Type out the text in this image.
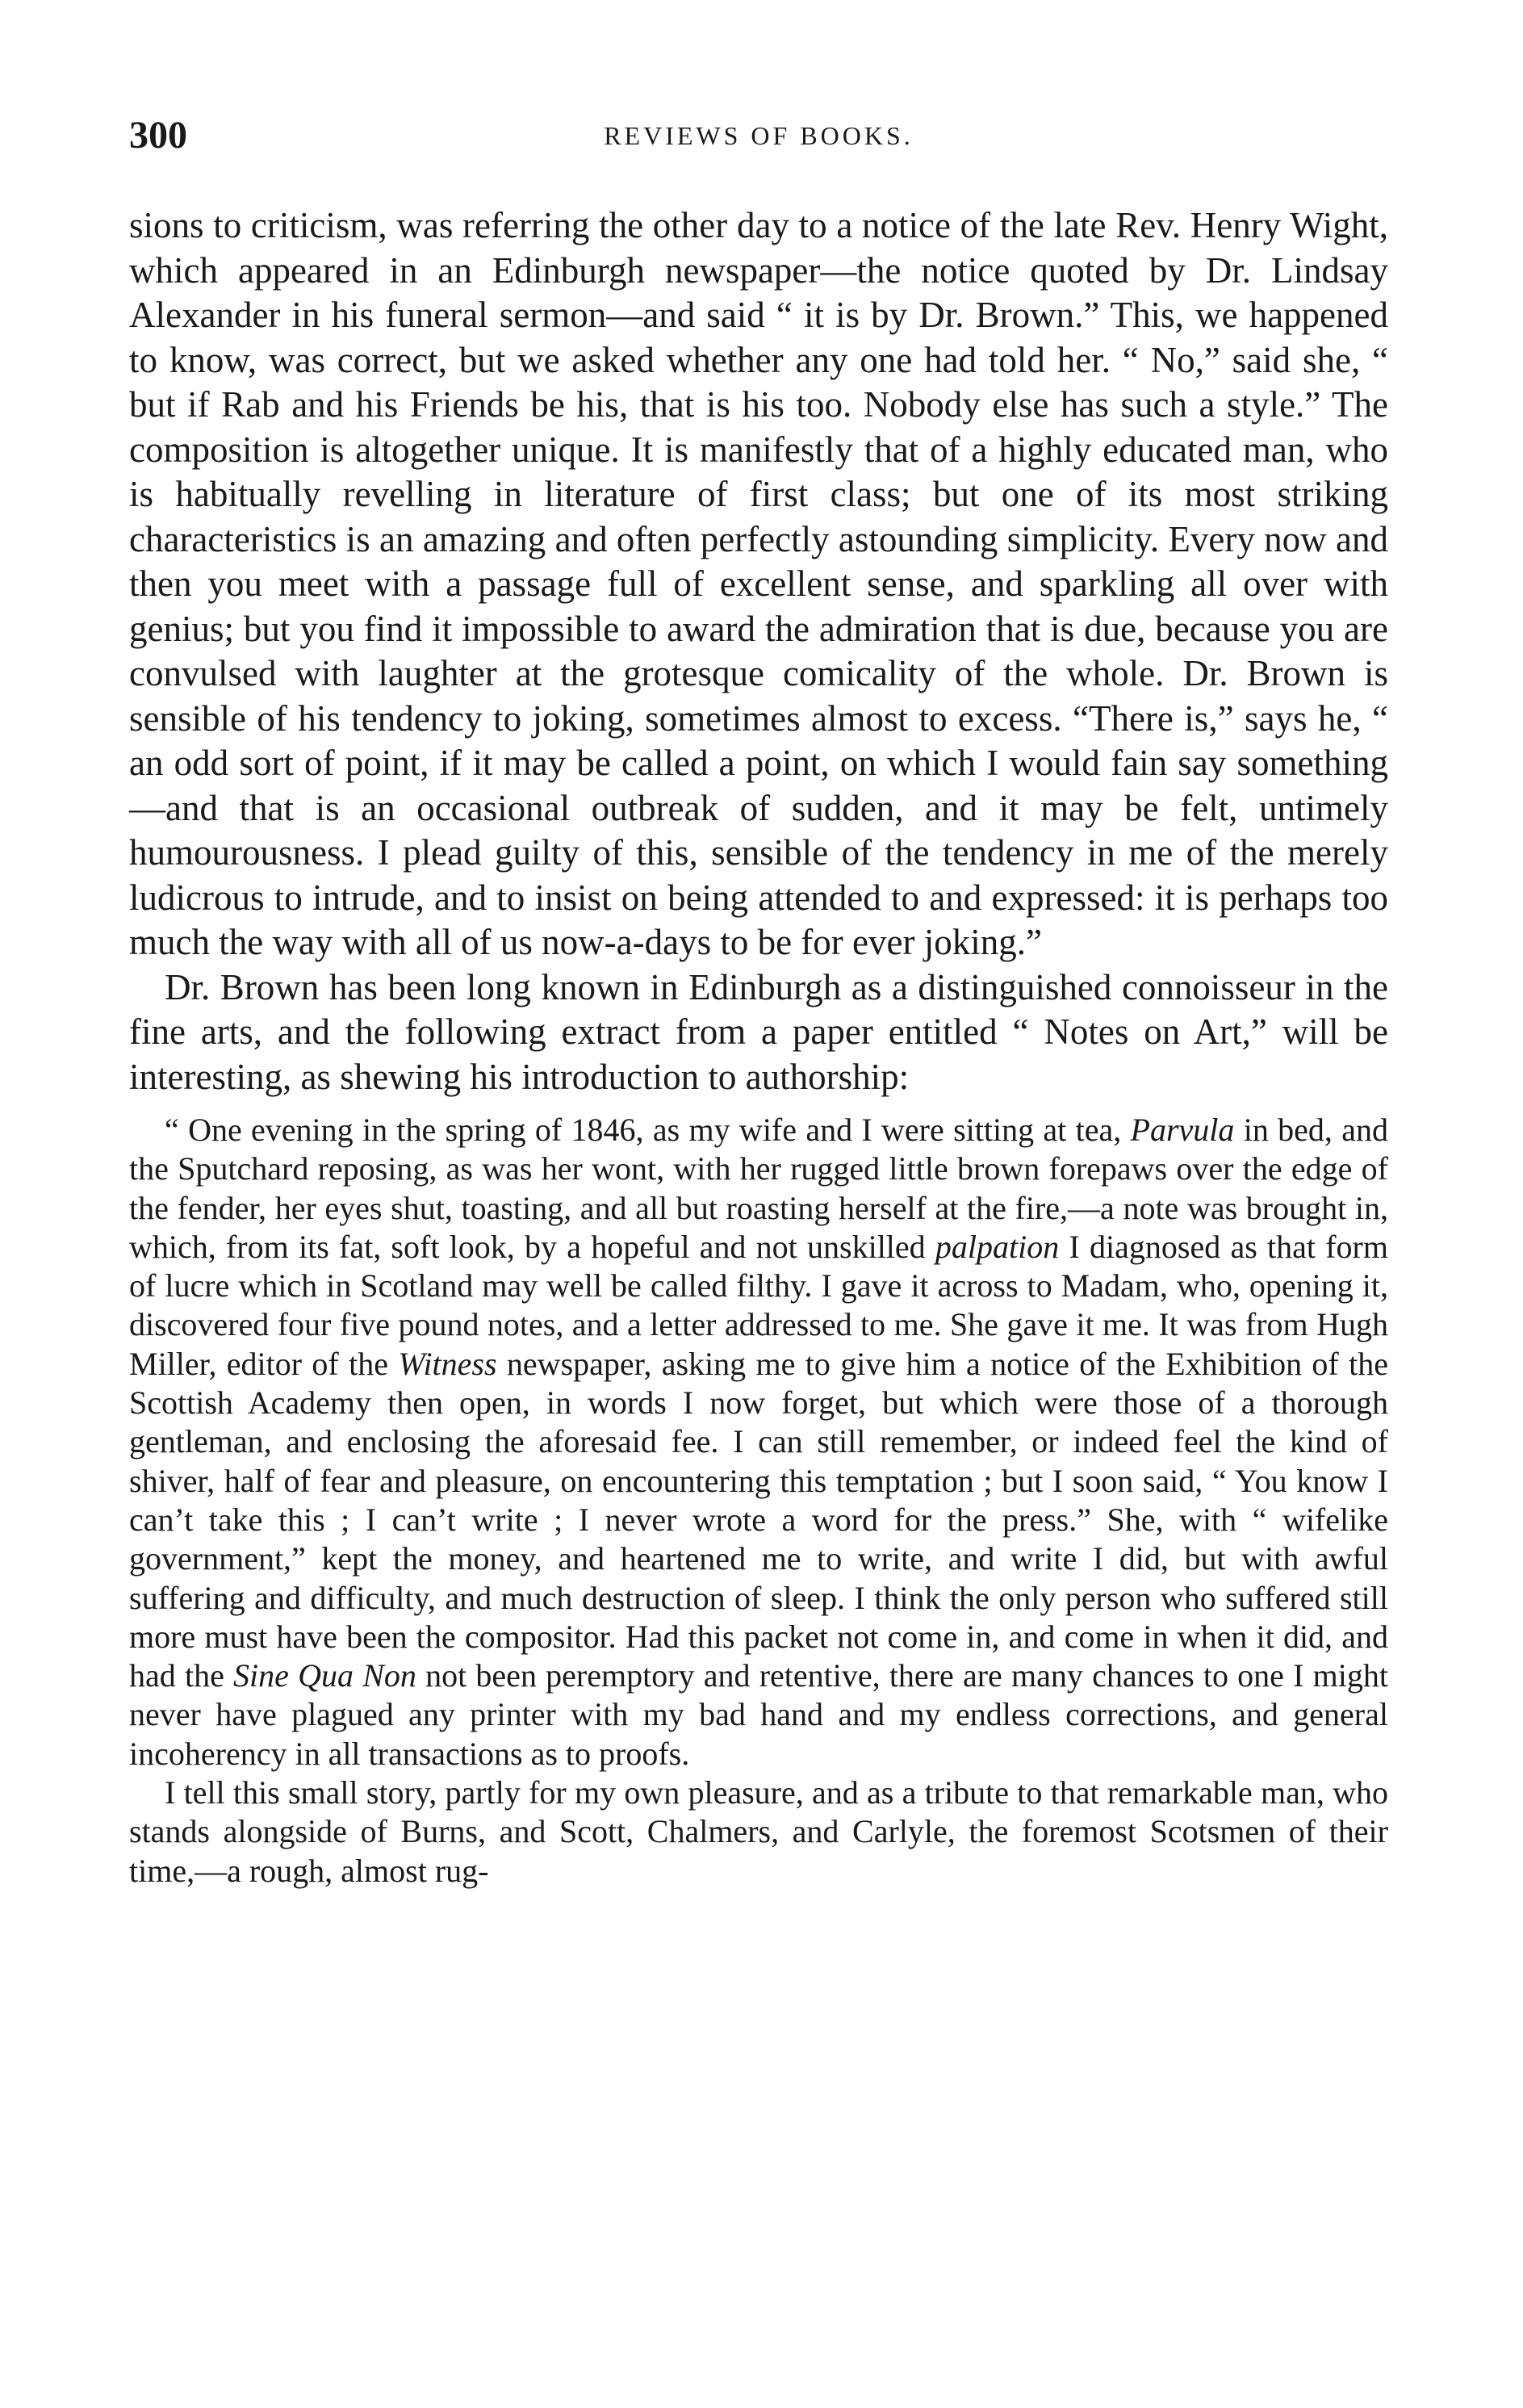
300	REVIEWS OF BOOKS.

sions to criticism, was referring the other day to a notice of the late Rev. Henry Wight, which appeared in an Edinburgh newspaper—the notice quoted by Dr. Lindsay Alexander in his funeral sermon—and said “ it is by Dr. Brown.” This, we happened to know, was correct, but we asked whether any one had told her. “ No,” said she, “ but if Rab and his Friends be his, that is his too. Nobody else has such a style.” The composition is altogether unique. It is manifestly that of a highly educated man, who is habitually revelling in literature of first class; but one of its most striking characteristics is an amazing and often perfectly astounding simplicity. Every now and then you meet with a passage full of excellent sense, and sparkling all over with genius; but you find it impossible to award the admiration that is due, because you are convulsed with laughter at the grotesque comicality of the whole. Dr. Brown is sensible of his tendency to joking, sometimes almost to excess. “There is,” says he, “ an odd sort of point, if it may be called a point, on which I would fain say something—and that is an occasional outbreak of sudden, and it may be felt, untimely humourousness. I plead guilty of this, sensible of the tendency in me of the merely ludicrous to intrude, and to insist on being attended to and expressed: it is perhaps too much the way with all of us now-a-days to be for ever joking.”

Dr. Brown has been long known in Edinburgh as a distinguished connoisseur in the fine arts, and the following extract from a paper entitled “ Notes on Art,” will be interesting, as shewing his introduction to authorship:

“ One evening in the spring of 1846, as my wife and I were sitting at tea, Parvula in bed, and the Sputchard reposing, as was her wont, with her rugged little brown forepaws over the edge of the fender, her eyes shut, toasting, and all but roasting herself at the fire,—a note was brought in, which, from its fat, soft look, by a hopeful and not unskilled palpation I diagnosed as that form of lucre which in Scotland may well be called filthy. I gave it across to Madam, who, opening it, discovered four five pound notes, and a letter addressed to me. She gave it me. It was from Hugh Miller, editor of the Witness newspaper, asking me to give him a notice of the Exhibition of the Scottish Academy then open, in words I now forget, but which were those of a thorough gentleman, and enclosing the aforesaid fee. I can still remember, or indeed feel the kind of shiver, half of fear and pleasure, on encountering this temptation ; but I soon said, “ You know I can’t take this ; I can’t write ; I never wrote a word for the press.” She, with “ wifelike government,” kept the money, and heartened me to write, and write I did, but with awful suffering and difficulty, and much destruction of sleep. I think the only person who suffered still more must have been the compositor. Had this packet not come in, and come in when it did, and had the Sine Qua Non not been peremptory and retentive, there are many chances to one I might never have plagued any printer with my bad hand and my endless corrections, and general incoherency in all transactions as to proofs.

I tell this small story, partly for my own pleasure, and as a tribute to that remarkable man, who stands alongside of Burns, and Scott, Chalmers, and Carlyle, the foremost Scotsmen of their time,—a rough, almost rug-
